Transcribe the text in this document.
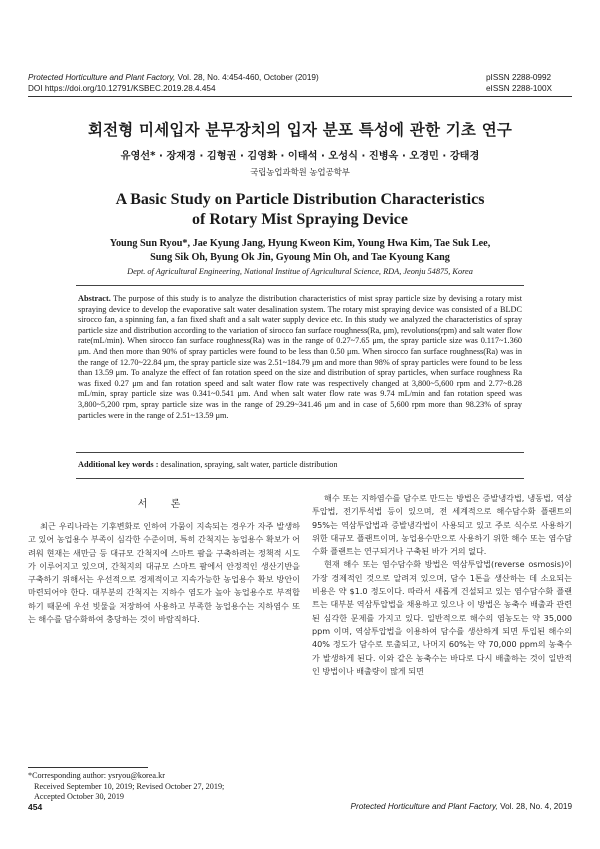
Protected Horticulture and Plant Factory, Vol. 28, No. 4:454-460, October (2019)
DOI https://doi.org/10.12791/KSBEC.2019.28.4.454
pISSN 2288-0992
eISSN 2288-100X
회전형 미세입자 분무장치의 입자 분포 특성에 관한 기초 연구
유영선* · 장재경 · 김형권 · 김영화 · 이태석 · 오성식 · 진병옥 · 오경민 · 강태경
국립농업과학원 농업공학부
A Basic Study on Particle Distribution Characteristics
of Rotary Mist Spraying Device
Young Sun Ryou*, Jae Kyung Jang, Hyung Kweon Kim, Young Hwa Kim, Tae Suk Lee,
Sung Sik Oh, Byung Ok Jin, Gyoung Min Oh, and Tae Kyoung Kang
Dept. of Agricultural Engineering, National Institue of Agricultural Science, RDA, Jeonju 54875, Korea
Abstract. The purpose of this study is to analyze the distribution characteristics of mist spray particle size by devising a rotary mist spraying device to develop the evaporative salt water desalination system. The rotary mist spraying device was consisted of a BLDC sirocco fan, a spinning fan, a fan fixed shaft and a salt water supply device etc. In this study we analyzed the characteristics of spray particle size and distribution according to the variation of sirocco fan surface roughness(Ra, μm), revolutions(rpm) and salt water flow rate(mL/min). When sirocco fan surface roughness(Ra) was in the range of 0.27~7.65 μm, the spray particle size was 0.117~1.360 μm. And then more than 90% of spray particles were found to be less than 0.50 μm. When sirocco fan surface roughness(Ra) was in the range of 12.70~22.84 μm, the spray particle size was 2.51~184.79 μm and more than 98% of spray particles were found to be less than 13.59 μm. To analyze the effect of fan rotation speed on the size and distribution of spray particles, when surface roughness Ra was fixed 0.27 μm and fan rotation speed and salt water flow rate was respectively changed at 3,800~5,600 rpm and 2.77~8.28 mL/min, spray particle size was 0.341~0.541 μm. And when salt water flow rate was 9.74 mL/min and fan rotation speed was 3,800~5,200 rpm, spray particle size was in the range of 29.29~341.46 μm and in case of 5,600 rpm more than 98.23% of spray particles were in the range of 2.51~13.59 μm.
Additional key words : desalination, spraying, salt water, particle distribution
서 론

최근 우리나라는 기후변화로 인하여 가뭄이 지속되는 경우가 자주 발생하고 있어 농업용수 부족이 심각한 수준이며, 특히 간척지는 농업용수 확보가 어려워 현재는 새만금 등 대규모 간척지에 스마트 팜을 구축하려는 정책적 시도가 이루어지고 있으며, 간척지의 대규모 스마트 팜에서 안정적인 생산기반을 구축하기 위해서는 우선적으로 경제적이고 지속가능한 농업용수 확보 방안이 마련되어야 한다. 대부분의 간척지는 지하수 염도가 높아 농업용수로 부적합하기 때문에 우선 빗물을 저장하여 사용하고 부족한 농업용수는 지하염수 또는 해수를 담수화하여 충당하는 것이 바람직하다.

해수 또는 지하염수를 담수로 만드는 방법은 증발냉각법, 냉동법, 역삼투압법, 전기투석법 등이 있으며, 전 세계적으로 해수담수화 플랜트의 95%는 역삼투압법과 증발냉각법이 사용되고 있고 주로 식수로 사용하기 위한 대규모 플랜트이며, 농업용수만으로 사용하기 위한 해수 또는 염수담수화 플랜트는 연구되거나 구축된 바가 거의 없다.

현재 해수 또는 염수담수화 방법은 역삼투압법(reverse osmosis)이 가장 경제적인 것으로 알려져 있으며, 담수 1톤을 생산하는 데 소요되는 비용은 약 $1.0 정도이다. 따라서 새롭게 건설되고 있는 염수담수화 플랜트는 대부분 역삼투압법을 채용하고 있으나 이 방법은 농축수 배출과 관련된 심각한 문제를 가지고 있다. 일반적으로 해수의 염농도는 약 35,000 ppm 이며, 역삼투압법을 이용하여 담수를 생산하게 되면 투입된 해수의 40% 정도가 담수로 토출되고, 나머지 60%는 약 70,000 ppm의 농축수가 발생하게 된다. 이와 같은 농축수는 바다로 다시 배출하는 것이 일반적인 방법이나 배출량이 많게 되면

*Corresponding author: ysryou@korea.kr
Received September 10, 2019; Revised October 27, 2019;
Accepted October 30, 2019
454	Protected Horticulture and Plant Factory, Vol. 28, No. 4, 2019
